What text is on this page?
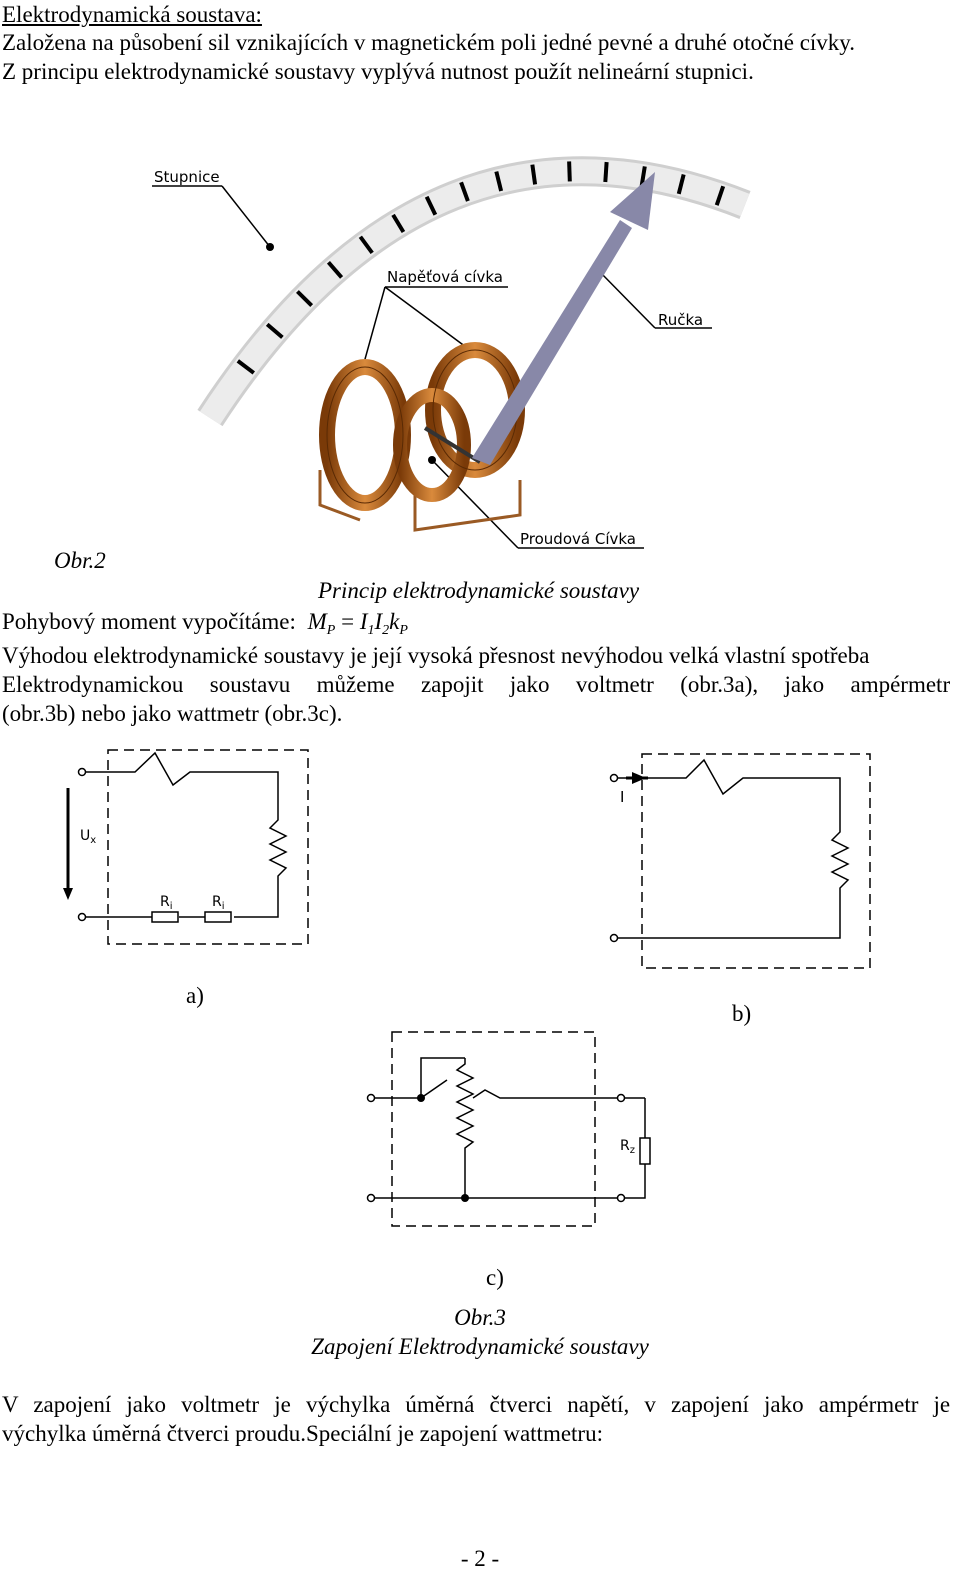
Elektrodynamická soustava:
Založena na působení sil vznikajících v magnetickém poli jedné pevné a druhé otočné cívky.
Z principu elektrodynamické soustavy vyplývá nutnost použít nelineární stupnici.
Stupnice
Napěťová cívka
Ručka
Proudová Cívka
Obr.2
Princip elektrodynamické soustavy
Pohybový moment vypočítáme: $M_P = I_1I_2k_P$
Výhodou elektrodynamické soustavy je její vysoká přesnost nevýhodou velká vlastní spotřeba
Elektrodynamickou soustavu můžeme zapojit jako voltmetr (obr.3a), jako ampérmetr
(obr.3b) nebo jako wattmetr (obr.3c).
$U_x$
$R_i$	$R_i$
I
a)
b)
$R_z$
c)
Obr.3
Zapojení Elektrodynamické soustavy
V zapojení jako voltmetr je výchylka úměrná čtverci napětí, v zapojení jako ampérmetr je
výchylka úměrná čtverci proudu.Speciální je zapojení wattmetru:
- 2 -
